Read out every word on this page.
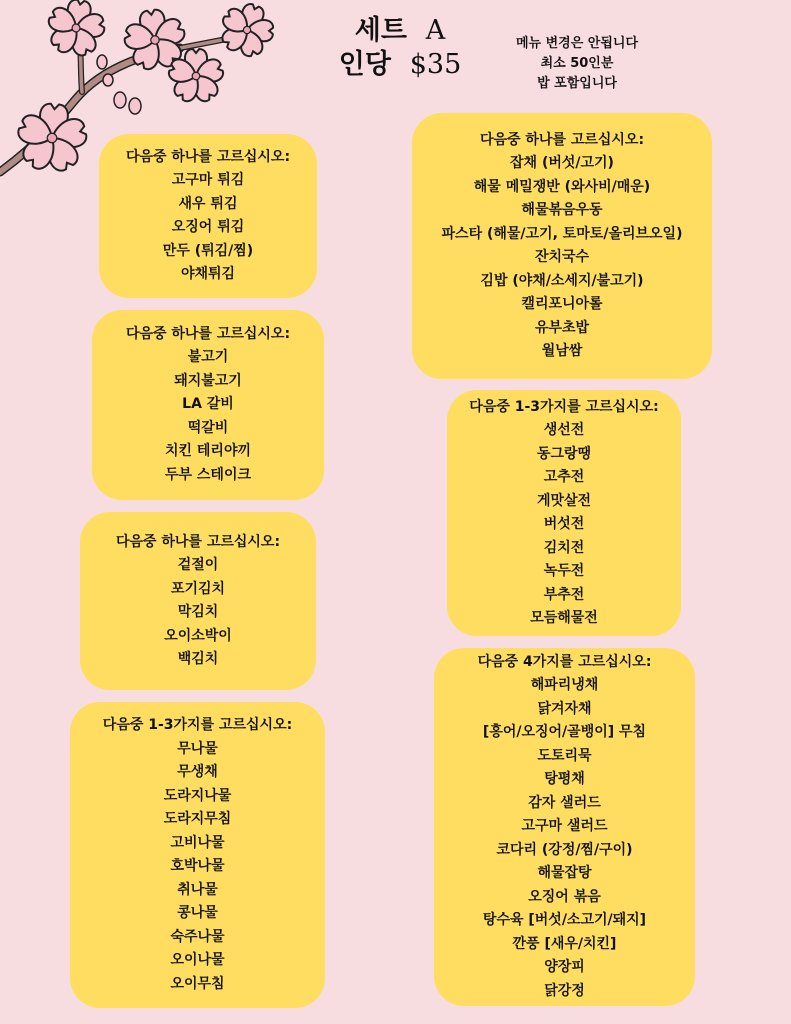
세트 A
인당 $35
메뉴 변경은 안됩니다
최소 50인분
밥 포함입니다
다음중 하나를 고르십시오:
고구마 튀김
새우 튀김
오징어 튀김
만두 (튀김/찜)
야채튀김
다음중 하나를 고르십시오:
불고기
돼지불고기
LA 갈비
떡갈비
치킨 테리야끼
두부 스테이크
다음중 하나를 고르십시오:
겉절이
포기김치
막김치
오이소박이
백김치
다음중 1-3가지를 고르십시오:
무나물
무생채
도라지나물
도라지무침
고비나물
호박나물
취나물
콩나물
숙주나물
오이나물
오이무침
다음중 하나를 고르십시오:
잡채 (버섯/고기)
해물 메밀쟁반 (와사비/매운)
해물볶음우동
파스타 (해물/고기, 토마토/올리브오일)
잔치국수
김밥 (야채/소세지/불고기)
캘리포니아롤
유부초밥
월남쌈
다음중 1-3가지를 고르십시오:
생선전
동그랑땡
고추전
게맛살전
버섯전
김치전
녹두전
부추전
모듬해물전
다음중 4가지를 고르십시오:
해파리냉채
닭겨자채
[홍어/오징어/골뱅이] 무침
도토리묵
탕평채
감자 샐러드
고구마 샐러드
코다리 (강정/찜/구이)
해물잡탕
오징어 볶음
탕수육 [버섯/소고기/돼지]
깐풍 [새우/치킨]
양장피
닭강정
